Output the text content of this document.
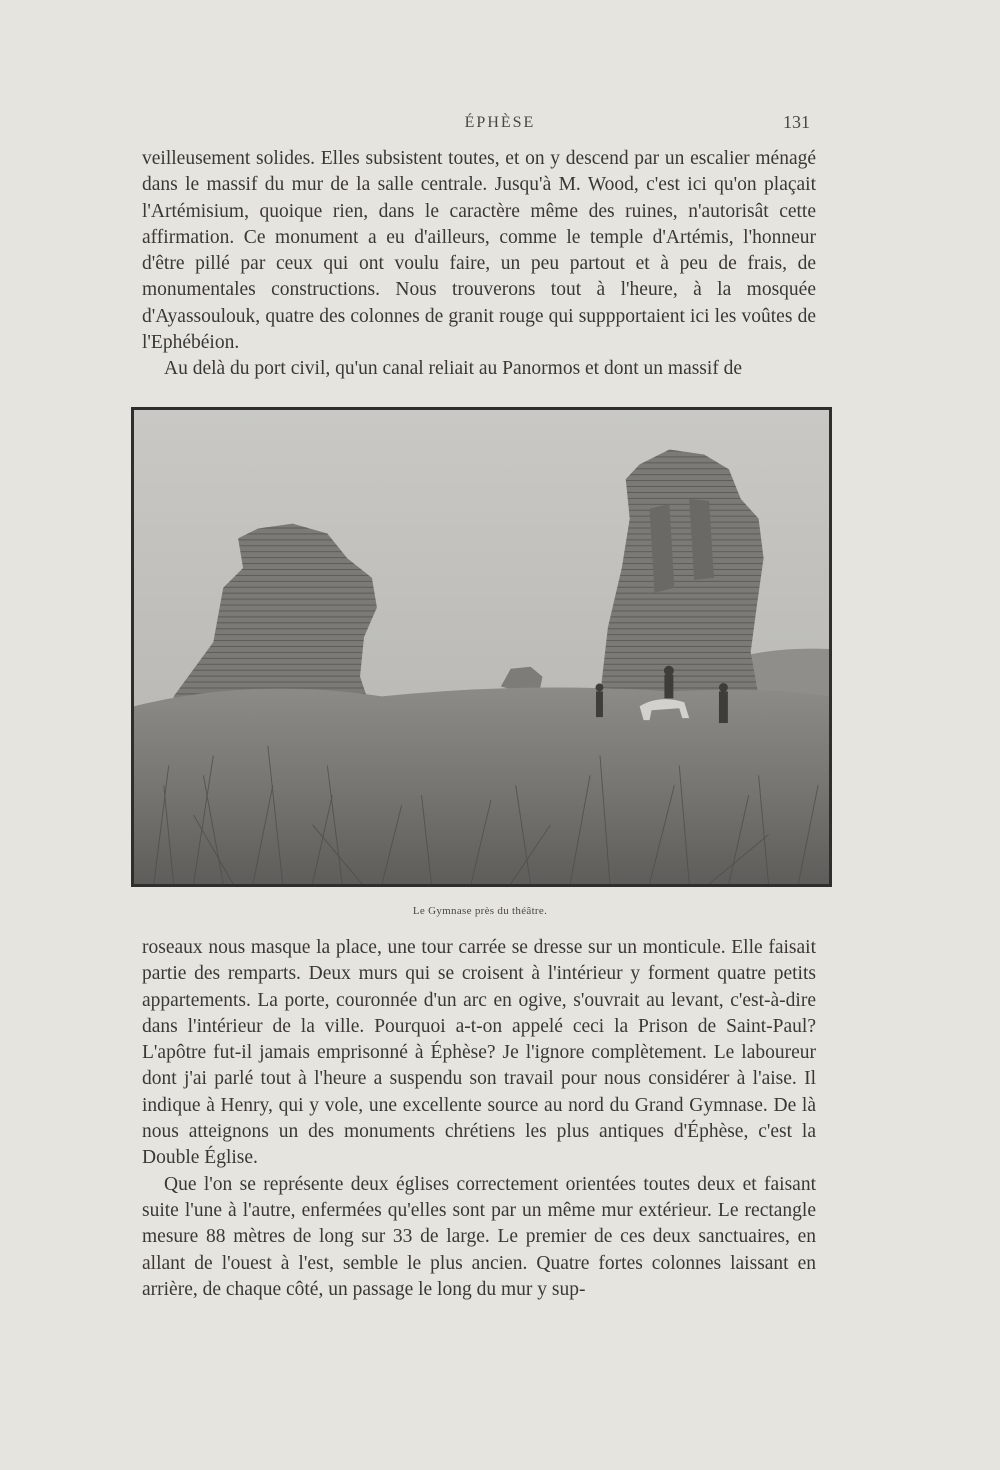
ÉPHÈSE	131

veilleusement solides. Elles subsistent toutes, et on y descend par un escalier ménagé dans le massif du mur de la salle centrale. Jusqu'à M. Wood, c'est ici qu'on plaçait l'Artémisium, quoique rien, dans le caractère même des ruines, n'autorisât cette affirmation. Ce monument a eu d'ailleurs, comme le temple d'Artémis, l'honneur d'être pillé par ceux qui ont voulu faire, un peu partout et à peu de frais, de monumentales constructions. Nous trouverons tout à l'heure, à la mosquée d'Ayassoulouk, quatre des colonnes de granit rouge qui suppportaient ici les voûtes de l'Ephébéion.

Au delà du port civil, qu'un canal reliait au Panormos et dont un massif de

Le Gymnase près du théâtre.

roseaux nous masque la place, une tour carrée se dresse sur un monticule. Elle faisait partie des remparts. Deux murs qui se croisent à l'intérieur y forment quatre petits appartements. La porte, couronnée d'un arc en ogive, s'ouvrait au levant, c'est-à-dire dans l'intérieur de la ville. Pourquoi a-t-on appelé ceci la Prison de Saint-Paul? L'apôtre fut-il jamais emprisonné à Éphèse? Je l'ignore complètement. Le laboureur dont j'ai parlé tout à l'heure a suspendu son travail pour nous considérer à l'aise. Il indique à Henry, qui y vole, une excellente source au nord du Grand Gymnase. De là nous atteignons un des monuments chrétiens les plus antiques d'Éphèse, c'est la Double Église.

Que l'on se représente deux églises correctement orientées toutes deux et faisant suite l'une à l'autre, enfermées qu'elles sont par un même mur extérieur. Le rectangle mesure 88 mètres de long sur 33 de large. Le premier de ces deux sanctuaires, en allant de l'ouest à l'est, semble le plus ancien. Quatre fortes colonnes laissant en arrière, de chaque côté, un passage le long du mur y sup-
